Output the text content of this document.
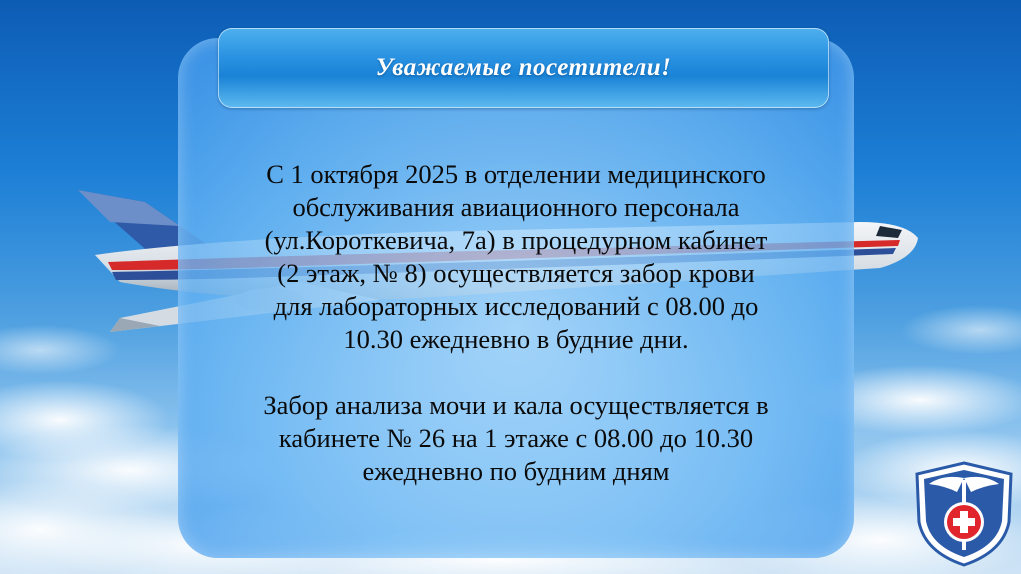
Уважаемые посетители!

С 1 октября 2025 в отделении медицинского
обслуживания авиационного персонала
(ул.Короткевича, 7а) в процедурном кабинет
(2 этаж, № 8) осуществляется забор крови
для лабораторных исследований с 08.00 до
10.30 ежедневно в будние дни.

Забор анализа мочи и кала осуществляется в
кабинете № 26 на 1 этаже с 08.00 до 10.30
ежедневно по будним дням
